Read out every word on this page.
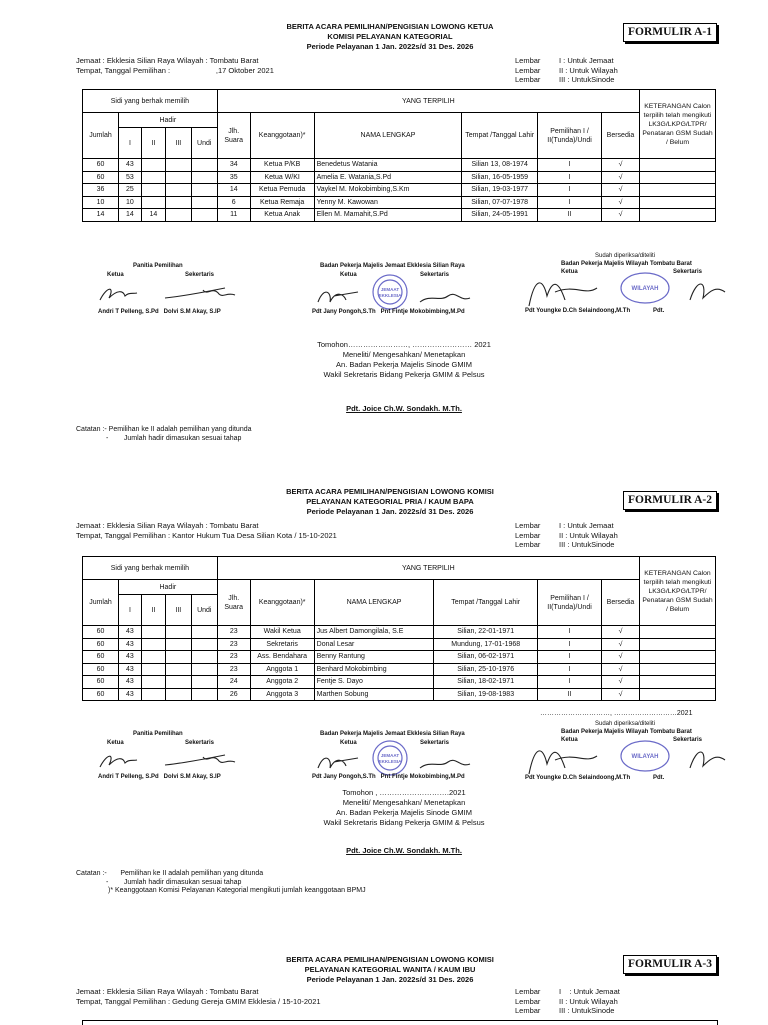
BERITA ACARA PEMILIHAN/PENGISIAN LOWONG KETUA
KOMISI PELAYANAN KATEGORIAL
Periode Pelayanan 1 Jan. 2022s/d 31 Des. 2026
FORMULIR A-1
Jemaat : Ekklesia Silian Raya Wilayah : Tombatu Barat
Tempat, Tanggal Pemilihan :                      ,17 Oktober 2021
Lembar I : Untuk Jemaat
Lembar II : Untuk Wilayah
Lembar III : UntukSinode
Sidi yang berhak memilih					YANG TERPILIH						KETERANGAN Calon terpilih telah mengikuti LK3G/LKPG/LTPR/ Penataran GSM Sudah / Belum
Jumlah	Hadir				Jlh. Suara	Keanggotaan)*	NAMA LENGKAP	Tempat /Tanggal Lahir	Pemilihan I / II(Tunda)/Undi	Bersedia	
	I	II	III	Undi							

60	43				34	Ketua P/KB	Benedetus Watania	Silian 13, 08-1974	I	√	
60	53				35	Ketua W/KI	Amelia E. Watania,S.Pd	Silian, 16-05-1959	I	√	
36	25				14	Ketua Pemuda	Vaykel M. Mokobimbing,S.Km	Silian, 19-03-1977	I	√	
10	10				6	Ketua Remaja	Yenny M. Kawowan	Silian, 07-07-1978	I	√	
14	14	14			11	Ketua Anak	Ellen M. Mamahit,S.Pd	Silian, 24-05-1991	II	√	
Panitia Pemilihan
Ketua	Sekertaris
Andri T Pelleng, S.Pd   Dolvi S.M Akay, S.IP
Badan Pekerja Majelis Jemaat Ekklesia Silian Raya
Ketua	Sekertaris
JEMAAT
EKKLESIA
Pdt Jany Pongoh,S.Th   Pnt Fintje Mokobimbing,M.Pd
Sudah diperiksa/diteliti
Badan Pekerja Majelis Wilayah Tombatu Barat
Ketua	Sekertaris
WILAYAH
Pdt Youngke D.Ch Selaindoong,M.Th	Pdt.
Tomohon……………………, …………………… 2021
Meneliti/ Mengesahkan/ Menetapkan
An. Badan Pekerja Majelis Sinode GMIM
Wakil Sekretaris Bidang Pekerja GMIM & Pelsus
Pdt. Joice Ch.W. Sondakh. M.Th.
Catatan :- Pemilihan ke II adalah pemilihan yang ditunda
-        Jumlah hadir dimasukan sesuai tahap
BERITA ACARA PEMILIHAN/PENGISIAN LOWONG KOMISI
PELAYANAN KATEGORIAL PRIA / KAUM BAPA
Periode Pelayanan 1 Jan. 2022s/d 31 Des. 2026
FORMULIR A-2
Jemaat : Ekklesia Silian Raya Wilayah : Tombatu Barat
Tempat, Tanggal Pemilihan : Kantor Hukum Tua Desa Silian Kota / 15-10-2021
Lembar I : Untuk Jemaat
Lembar II : Untuk Wilayah
Lembar III : UntukSinode
Sidi yang berhak memilih					YANG TERPILIH						KETERANGAN Calon terpilih telah mengikuti LK3G/LKPG/LTPR/ Penataran GSM Sudah / Belum
Jumlah	Hadir				Jlh. Suara	Keanggotaan)*	NAMA LENGKAP	Tempat /Tanggal Lahir	Pemilihan I / II(Tunda)/Undi	Bersedia	
	I	II	III	Undi							

60	43				23	Wakil Ketua	Jus Albert Damongilala, S.E	Silian, 22-01-1971	I	√	
60	43				23	Sekretaris	Donal Lesar	Mundung, 17-01-1968	I	√	
60	43				23	Ass. Bendahara	Benny Rantung	Silian, 06-02-1971	I	√	
60	43				23	Anggota 1	Benhard Mokobimbing	Silian, 25-10-1976	I	√	
60	43				24	Anggota 2	Fentje S. Dayo	Silian, 18-02-1971	I	√	
60	43				26	Anggota 3	Marthen Sobung	Silian, 19-08-1983	II	√	
…………………………, ………………………2021
Panitia Pemilihan
Ketua	Sekertaris
Andri T Pelleng, S.Pd   Dolvi S.M Akay, S.IP
Badan Pekerja Majelis Jemaat Ekklesia Silian Raya
Ketua	Sekertaris
JEMAAT
EKKLESIA
Pdt Jany Pongoh,S.Th   Pnt Fintje Mokobimbing,M.Pd
Sudah diperiksa/diteliti
Badan Pekerja Majelis Wilayah Tombatu Barat
Ketua	Sekertaris
WILAYAH
Pdt Youngke D.Ch Selaindoong,M.Th	Pdt.
Tomohon , ……………………….2021
Meneliti/ Mengesahkan/ Menetapkan
An. Badan Pekerja Majelis Sinode GMIM
Wakil Sekretaris Bidang Pekerja GMIM & Pelsus
Pdt. Joice Ch.W. Sondakh. M.Th.
Catatan :-       Pemilihan ke II adalah pemilihan yang ditunda
-        Jumlah hadir dimasukan sesuai tahap
)* Keanggotaan Komisi Pelayanan Kategorial mengikuti jumlah keanggotaan BPMJ
BERITA ACARA PEMILIHAN/PENGISIAN LOWONG KOMISI
PELAYANAN KATEGORIAL WANITA / KAUM IBU
Periode Pelayanan 1 Jan. 2022s/d 31 Des. 2026
FORMULIR A-3
Jemaat : Ekklesia Silian Raya Wilayah : Tombatu Barat
Tempat, Tanggal Pemilihan : Gedung Gereja GMIM Ekklesia / 15-10-2021
Lembar I    : Untuk Jemaat
Lembar II : Untuk Wilayah
Lembar III : UntukSinode
